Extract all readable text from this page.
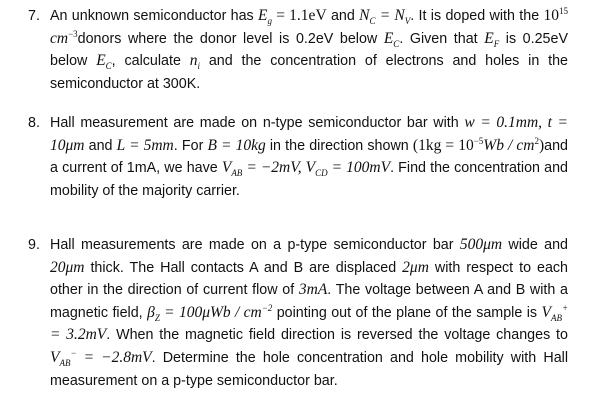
7. An unknown semiconductor has $E_g = 1.1eV$ and $N_C = N_V$. It is doped with the $10^{15}$ $cm^{-3}donors$ where the donor level is 0.2eV below $E_C$. Given that $E_F$ is 0.25eV below $E_C$, calculate $n_i$ and the concentration of electrons and holes in the semiconductor at 300K.
8. Hall measurement are made on n-type semiconductor bar with w = 0.1mm, t = 10μm and L = 5mm. For B = 10kg in the direction shown $(1kg = 10^{-5}Wb / cm^2)and$ a current of 1mA, we have $V_{AB} = -2mV$, $V_{CD} = 100mV$. Find the concentration and mobility of the majority carrier.
9. Hall measurements are made on a p-type semiconductor bar 500μm wide and 20μm thick. The Hall contacts A and B are displaced 2μm with respect to each other in the direction of current flow of 3mA. The voltage between A and B with a magnetic field, $\beta_Z = 100\mu Wb / cm^{-2}$ pointing out of the plane of the sample is $V_{AB}^+ = 3.2mV$. When the magnetic field direction is reversed the voltage changes to $V_{AB}^- = -2.8mV$. Determine the hole concentration and hole mobility with Hall measurement on a p-type semiconductor bar.
